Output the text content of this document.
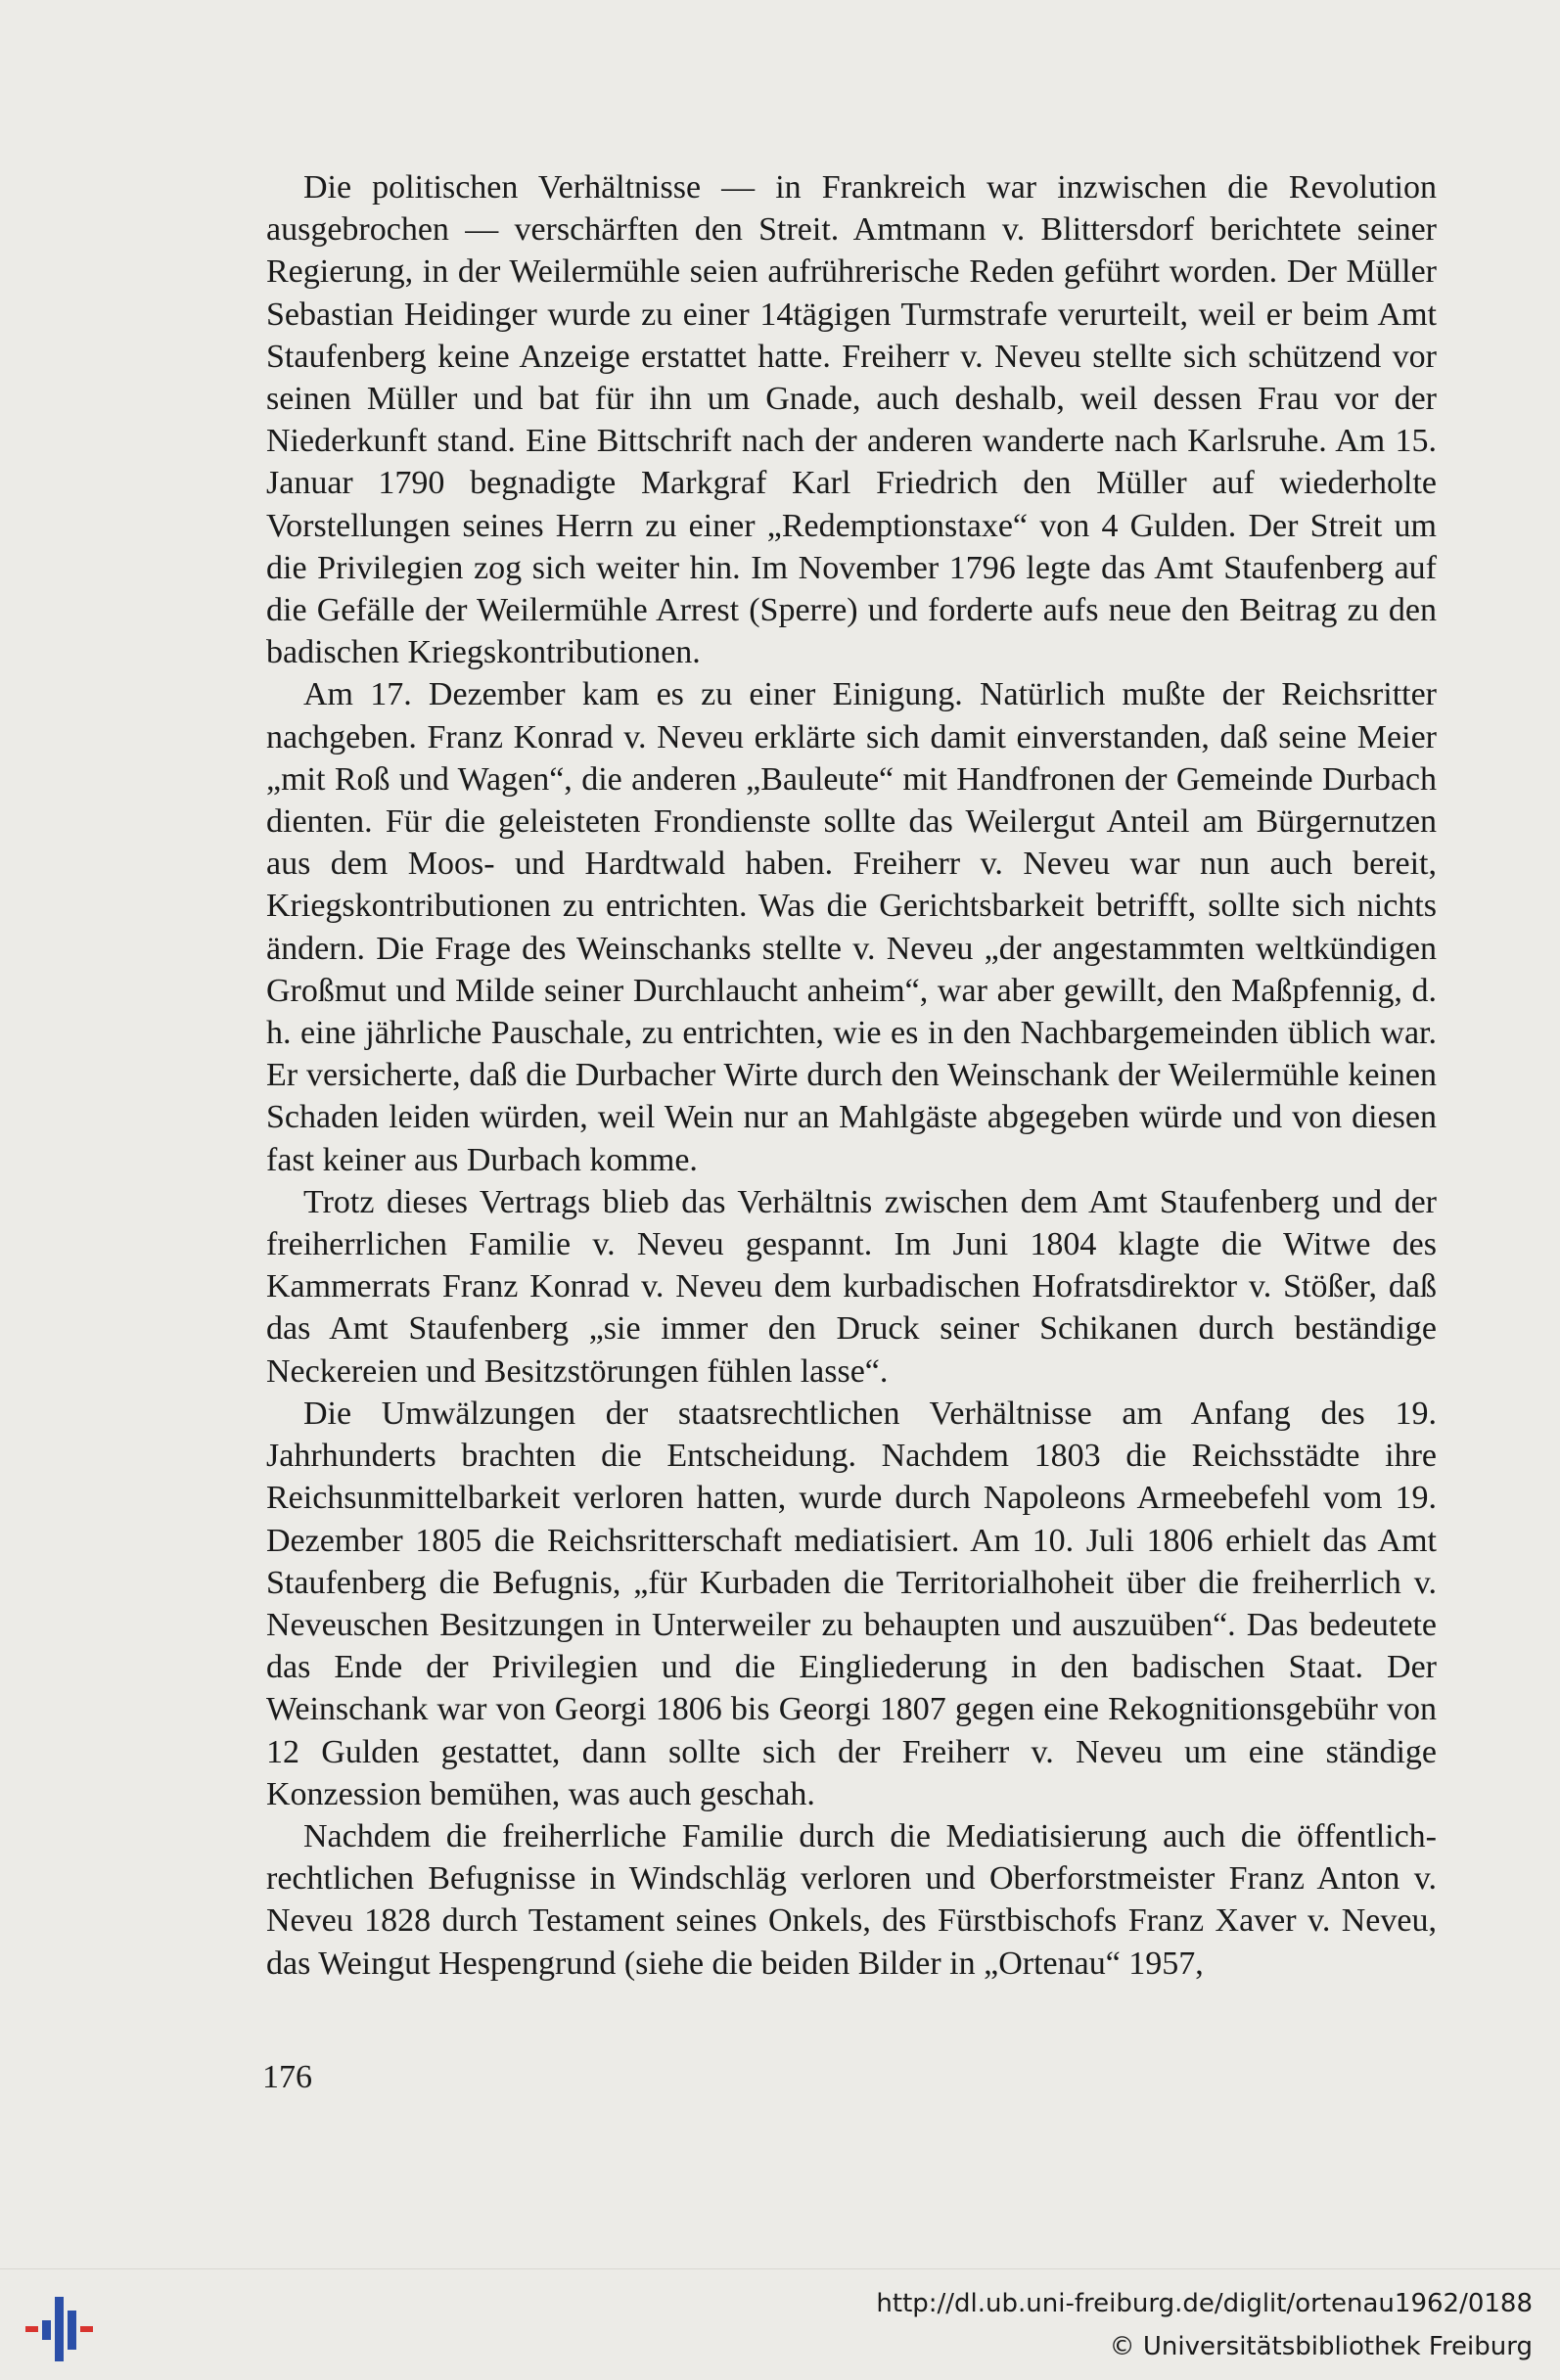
Die politischen Verhältnisse — in Frankreich war inzwischen die Revolution ausgebrochen — verschärften den Streit. Amtmann v. Blittersdorf berichtete seiner Regierung, in der Weilermühle seien aufrührerische Reden geführt worden. Der Müller Sebastian Heidinger wurde zu einer 14tägigen Turmstrafe verurteilt, weil er beim Amt Staufenberg keine Anzeige erstattet hatte. Freiherr v. Neveu stellte sich schützend vor seinen Müller und bat für ihn um Gnade, auch deshalb, weil dessen Frau vor der Niederkunft stand. Eine Bittschrift nach der anderen wanderte nach Karlsruhe. Am 15. Januar 1790 begnadigte Markgraf Karl Friedrich den Müller auf wiederholte Vorstellungen seines Herrn zu einer „Redemptionstaxe“ von 4 Gulden. Der Streit um die Privilegien zog sich weiter hin. Im November 1796 legte das Amt Staufenberg auf die Gefälle der Weilermühle Arrest (Sperre) und forderte aufs neue den Beitrag zu den badischen Kriegskontributionen.

Am 17. Dezember kam es zu einer Einigung. Natürlich mußte der Reichsritter nachgeben. Franz Konrad v. Neveu erklärte sich damit einverstanden, daß seine Meier „mit Roß und Wagen“, die anderen „Bauleute“ mit Handfronen der Gemeinde Durbach dienten. Für die geleisteten Frondienste sollte das Weilergut Anteil am Bürgernutzen aus dem Moos- und Hardtwald haben. Freiherr v. Neveu war nun auch bereit, Kriegskontributionen zu entrichten. Was die Gerichtsbarkeit betrifft, sollte sich nichts ändern. Die Frage des Weinschanks stellte v. Neveu „der angestammten weltkündigen Großmut und Milde seiner Durchlaucht anheim“, war aber gewillt, den Maßpfennig, d. h. eine jährliche Pauschale, zu entrichten, wie es in den Nachbargemeinden üblich war. Er versicherte, daß die Durbacher Wirte durch den Weinschank der Weilermühle keinen Schaden leiden würden, weil Wein nur an Mahlgäste abgegeben würde und von diesen fast keiner aus Durbach komme.

Trotz dieses Vertrags blieb das Verhältnis zwischen dem Amt Staufenberg und der freiherrlichen Familie v. Neveu gespannt. Im Juni 1804 klagte die Witwe des Kammerrats Franz Konrad v. Neveu dem kurbadischen Hofratsdirektor v. Stößer, daß das Amt Staufenberg „sie immer den Druck seiner Schikanen durch beständige Neckereien und Besitzstörungen fühlen lasse“.

Die Umwälzungen der staatsrechtlichen Verhältnisse am Anfang des 19. Jahrhunderts brachten die Entscheidung. Nachdem 1803 die Reichsstädte ihre Reichsunmittelbarkeit verloren hatten, wurde durch Napoleons Armeebefehl vom 19. Dezember 1805 die Reichsritterschaft mediatisiert. Am 10. Juli 1806 erhielt das Amt Staufenberg die Befugnis, „für Kurbaden die Territorialhoheit über die freiherrlich v. Neveuschen Besitzungen in Unterweiler zu behaupten und auszuüben“. Das bedeutete das Ende der Privilegien und die Eingliederung in den badischen Staat. Der Weinschank war von Georgi 1806 bis Georgi 1807 gegen eine Rekognitionsgebühr von 12 Gulden gestattet, dann sollte sich der Freiherr v. Neveu um eine ständige Konzession bemühen, was auch geschah.

Nachdem die freiherrliche Familie durch die Mediatisierung auch die öffentlich-rechtlichen Befugnisse in Windschläg verloren und Oberforstmeister Franz Anton v. Neveu 1828 durch Testament seines Onkels, des Fürstbischofs Franz Xaver v. Neveu, das Weingut Hespengrund (siehe die beiden Bilder in „Ortenau“ 1957,

176
http://dl.ub.uni-freiburg.de/diglit/ortenau1962/0188
© Universitätsbibliothek Freiburg
